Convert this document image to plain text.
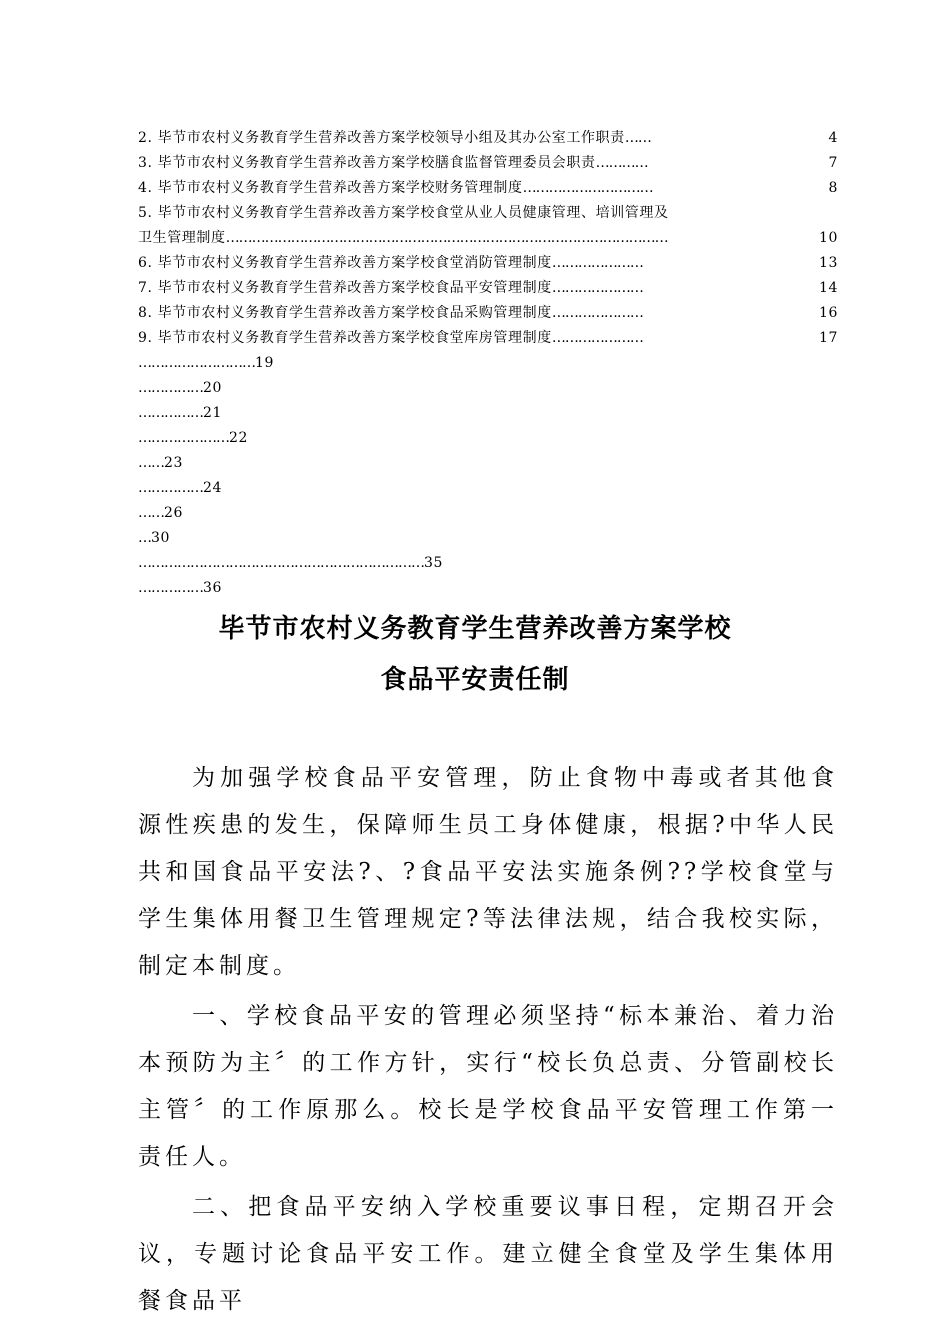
2. 毕节市农村义务教育学生营养改善方案学校领导小组及其办公室工作职责 ……	4
3. 毕节市农村义务教育学生营养改善方案学校膳食监督管理委员会职责 …………	7
4. 毕节市农村义务教育学生营养改善方案学校财务管理制度 …………………………	8
5. 毕节市农村义务教育学生营养改善方案学校食堂从业人员健康管理、培训管理及
卫生管理制度 …………………………………………………………………………………………	10
6. 毕节市农村义务教育学生营养改善方案学校食堂消防管理制度 …………………	13
7. 毕节市农村义务教育学生营养改善方案学校食品平安管理制度 …………………	14
8. 毕节市农村义务教育学生营养改善方案学校食品采购管理制度 …………………	16
9. 毕节市农村义务教育学生营养改善方案学校食堂库房管理制度 …………………	17
………………………19
……………20
……………21
…………………22
……23
……………24
……26
…30
…………………………………………………………35
……………36
毕节市农村义务教育学生营养改善方案学校
食品平安责任制

为加强学校食品平安管理，防止食物中毒或者其他食源性疾患的发生，保障师生员工身体健康，根据?中华人民共和国食品平安法?、?食品平安法实施条例??学校食堂与学生集体用餐卫生管理规定?等法律法规，结合我校实际，制定本制度。

一、学校食品平安的管理必须坚持“标本兼治、着力治本预防为主〞的工作方针，实行“校长负总责、分管副校长主管〞的工作原那么。校长是学校食品平安管理工作第一责任人。

二、把食品平安纳入学校重要议事日程，定期召开会议，专题讨论食品平安工作。建立健全食堂及学生集体用餐食品平
